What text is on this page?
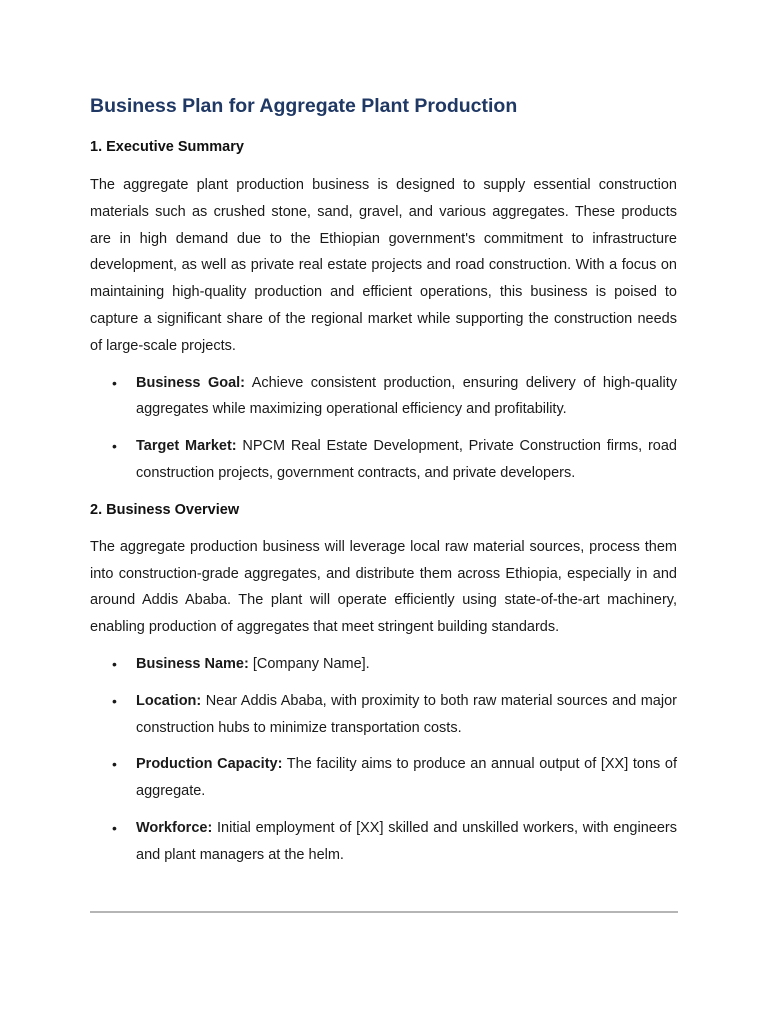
Business Plan for Aggregate Plant Production
1. Executive Summary

The aggregate plant production business is designed to supply essential construction materials such as crushed stone, sand, gravel, and various aggregates. These products are in high demand due to the Ethiopian government's commitment to infrastructure development, as well as private real estate projects and road construction. With a focus on maintaining high-quality production and efficient operations, this business is poised to capture a significant share of the regional market while supporting the construction needs of large-scale projects.

• Business Goal: Achieve consistent production, ensuring delivery of high-quality aggregates while maximizing operational efficiency and profitability.
• Target Market: NPCM Real Estate Development, Private Construction firms, road construction projects, government contracts, and private developers.
2. Business Overview

The aggregate production business will leverage local raw material sources, process them into construction-grade aggregates, and distribute them across Ethiopia, especially in and around Addis Ababa. The plant will operate efficiently using state-of-the-art machinery, enabling production of aggregates that meet stringent building standards.

• Business Name: [Company Name].
• Location: Near Addis Ababa, with proximity to both raw material sources and major construction hubs to minimize transportation costs.
• Production Capacity: The facility aims to produce an annual output of [XX] tons of aggregate.
• Workforce: Initial employment of [XX] skilled and unskilled workers, with engineers and plant managers at the helm.
